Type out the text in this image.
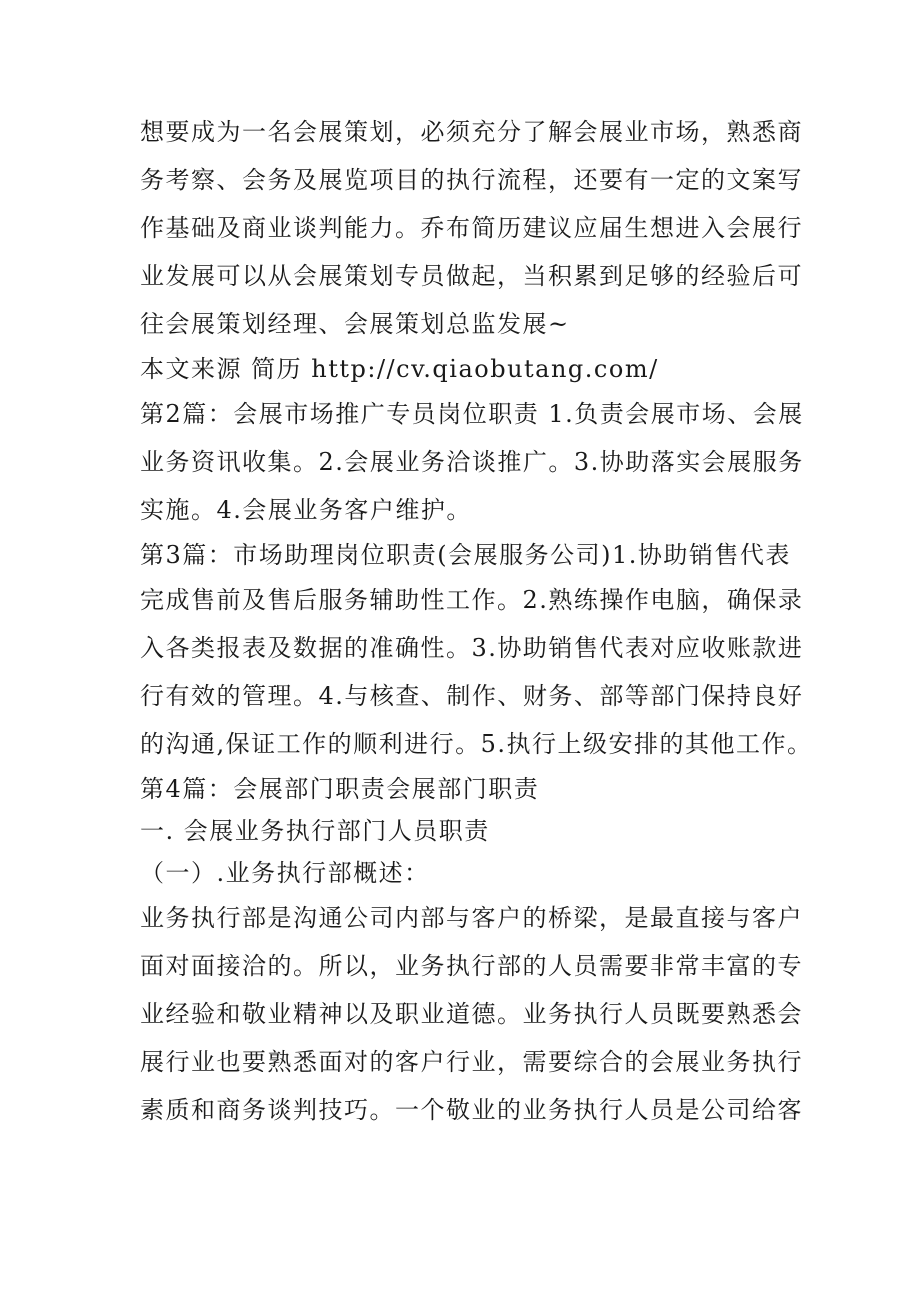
想要成为一名会展策划，必须充分了解会展业市场，熟悉商
务考察、会务及展览项目的执行流程，还要有一定的文案写
作基础及商业谈判能力。乔布简历建议应届生想进入会展行
业发展可以从会展策划专员做起，当积累到足够的经验后可
往会展策划经理、会展策划总监发展~
本文来源 简历 http://cv.qiaobutang.com/
第2篇：会展市场推广专员岗位职责 1.负责会展市场、会展
业务资讯收集。2.会展业务洽谈推广。3.协助落实会展服务
实施。4.会展业务客户维护。
第3篇：市场助理岗位职责(会展服务公司)1.协助销售代表
完成售前及售后服务辅助性工作。2.熟练操作电脑，确保录
入各类报表及数据的准确性。3.协助销售代表对应收账款进
行有效的管理。4.与核查、制作、财务、部等部门保持良好
的沟通,保证工作的顺利进行。5.执行上级安排的其他工作。
第4篇：会展部门职责会展部门职责
一. 会展业务执行部门人员职责
（一）.业务执行部概述：
业务执行部是沟通公司内部与客户的桥梁，是最直接与客户
面对面接洽的。所以，业务执行部的人员需要非常丰富的专
业经验和敬业精神以及职业道德。业务执行人员既要熟悉会
展行业也要熟悉面对的客户行业，需要综合的会展业务执行
素质和商务谈判技巧。一个敬业的业务执行人员是公司给客
